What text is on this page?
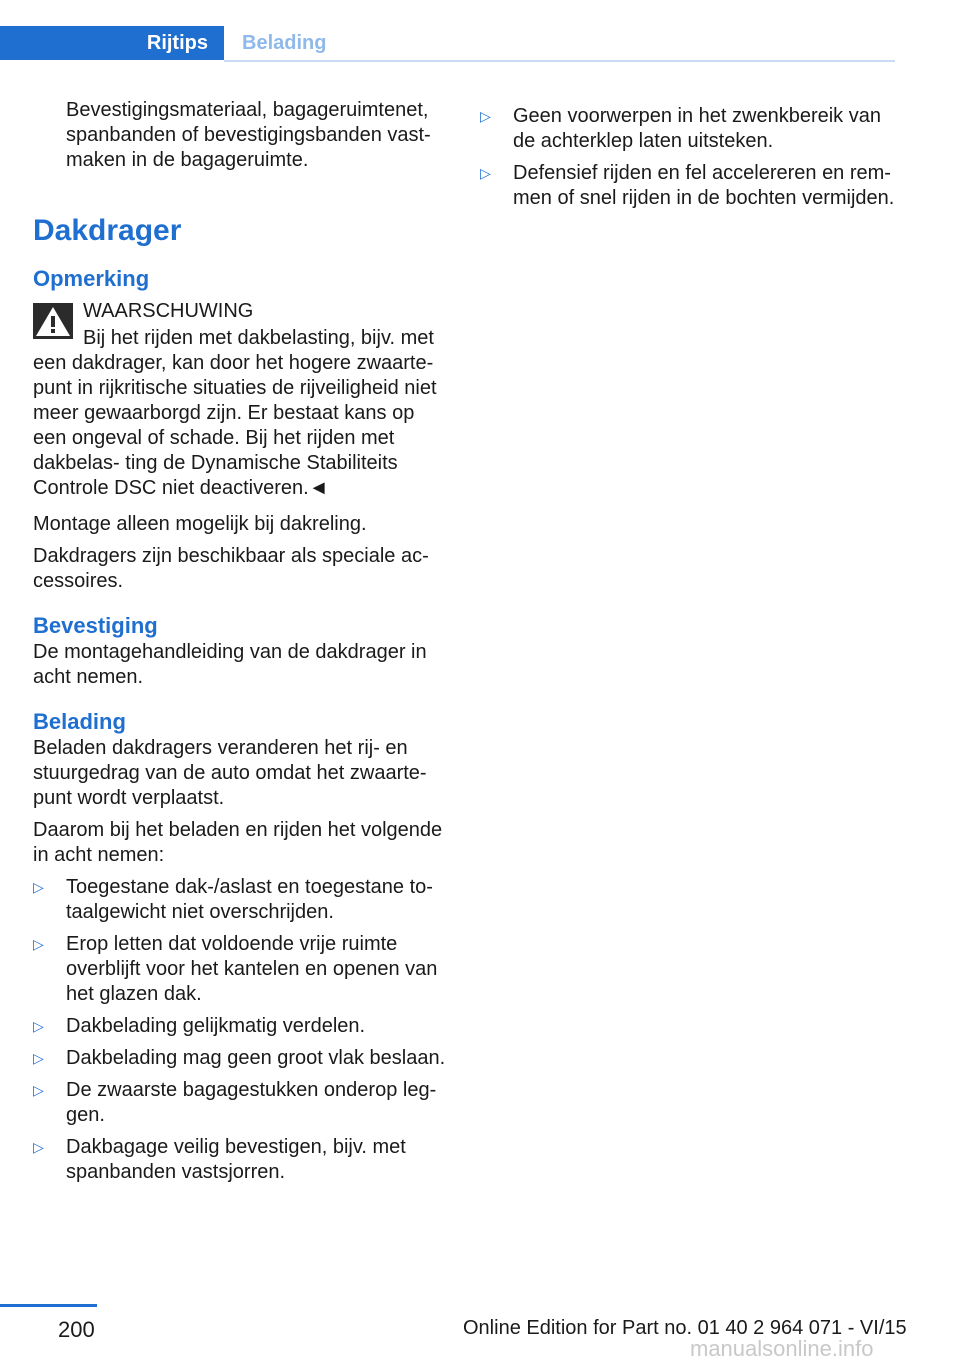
Rijtips Belading

Bevestigingsmateriaal, bagageruimtenet, spanbanden of bevestigingsbanden vast‐ maken in de bagageruimte.

Dakdrager
Opmerking

WAARSCHUWING

Bij het rijden met dakbelasting, bijv. met

een dakdrager, kan door het hogere zwaarte‐ punt in rijkritische situaties de rijveiligheid niet meer gewaarborgd zijn. Er bestaat kans op een ongeval of schade. Bij het rijden met dakbelas‐ ting de Dynamische Stabiliteits Controle DSC niet deactiveren.◄

Montage alleen mogelijk bij dakreling.

Dakdragers zijn beschikbaar als speciale ac‐ cessoires.

Bevestiging

De montagehandleiding van de dakdrager in acht nemen.

Belading

Beladen dakdragers veranderen het rij- en stuurgedrag van de auto omdat het zwaarte‐ punt wordt verplaatst.

Daarom bij het beladen en rijden het volgende in acht nemen:

▷ Toegestane dak-/aslast en toegestane to‐ taalgewicht niet overschrijden.
▷ Erop letten dat voldoende vrije ruimte overblijft voor het kantelen en openen van het glazen dak.
▷ Dakbelading gelijkmatig verdelen.
▷ Dakbelading mag geen groot vlak beslaan.
▷ De zwaarste bagagestukken onderop leg‐ gen.
▷ Dakbagage veilig bevestigen, bijv. met spanbanden vastsjorren.
▷ Geen voorwerpen in het zwenkbereik van de achterklep laten uitsteken.
▷ Defensief rijden en fel accelereren en rem‐ men of snel rijden in de bochten vermijden.
200	Online Edition for Part no. 01 40 2 964 071 - VI/15
manualsonline.info
